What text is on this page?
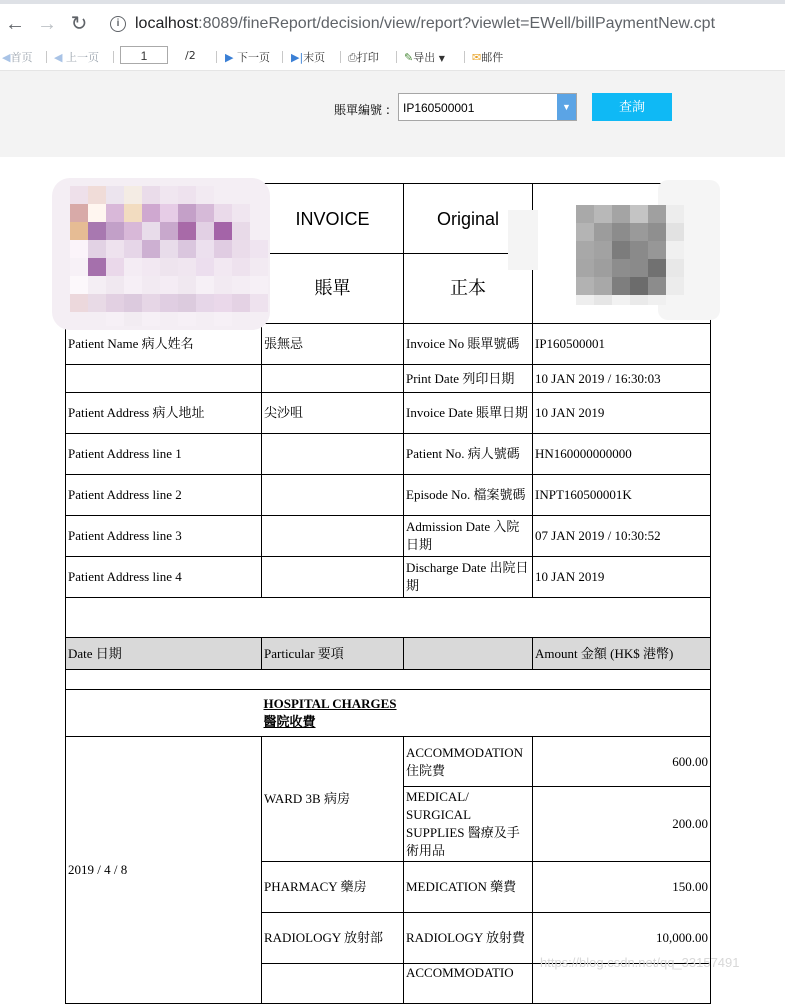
← → ↻	i localhost:8089/fineReport/decision/view/report?viewlet=EWell/billPaymentNew.cpt
◀首页 ◀ 上一页	1	/2	▶ 下一页 ▶|末页 ⎙打印 ✎导出 ▼ ✉邮件
賬單編號 : IP160500001	▼	查詢
	INVOICE	Original	
	賬單	正本	
Patient Name 病人姓名	張無忌	Invoice No 賬單號碼	IP160500001
		Print Date 列印日期	10 JAN 2019 / 16:30:03
Patient Address 病人地址	尖沙咀	Invoice Date 賬單日期	10 JAN 2019
Patient Address line 1		Patient No. 病人號碼	HN160000000000
Patient Address line 2		Episode No. 檔案號碼	INPT160500001K
Patient Address line 3		Admission Date 入院日期	07 JAN 2019 / 10:30:52
Patient Address line 4		Discharge Date 出院日期	10 JAN 2019

Date 日期	Particular 要項		Amount 金額 (HK$ 港幣)

	HOSPITAL CHARGES 醫院收費		

2019 / 4 / 8	WARD 3B 病房	ACCOMMODATION 住院費	600.00
		MEDICAL/ SURGICAL SUPPLIES 醫療及手術用品	200.00
	PHARMACY 藥房	MEDICATION 藥費	150.00
	RADIOLOGY 放射部	RADIOLOGY 放射費	10,000.00
		ACCOMMODATIO	
https://blog.csdn.net/qq_33157491
